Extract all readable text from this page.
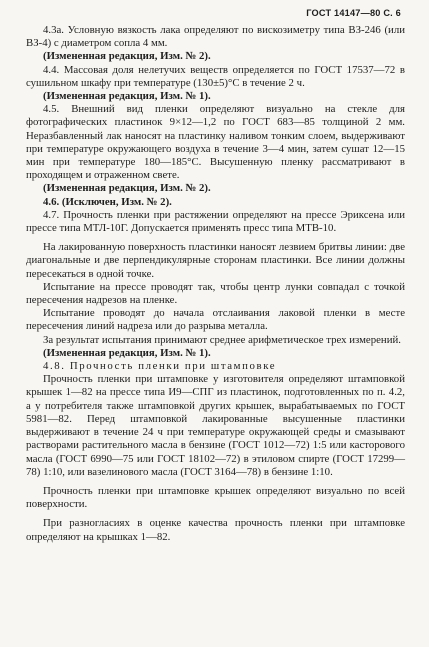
ГОСТ 14147—80 С. 6

4.3а. Условную вязкость лака определяют по вискозиметру типа ВЗ-246 (или ВЗ-4) с диаметром сопла 4 мм.

(Измененная редакция, Изм. № 2).

4.4. Массовая доля нелетучих веществ определяется по ГОСТ 17537—72 в сушильном шкафу при температуре (130±5)°С в течение 2 ч.

(Измененная редакция, Изм. № 1).

4.5. Внешний вид пленки определяют визуально на стекле для фотографических пластинок 9×12—1,2 по ГОСТ 683—85 толщиной 2 мм. Неразбавленный лак наносят на пластинку наливом тонким слоем, выдерживают при температуре окружающего воздуха в течение 3—4 мин, затем сушат 12—15 мин при температуре 180—185°С. Высушенную пленку рассматривают в проходящем и отраженном свете.

(Измененная редакция, Изм. № 2).

4.6. (Исключен, Изм. № 2).

4.7. Прочность пленки при растяжении определяют на прессе Эриксена или прессе типа МТЛ-10Г. Допускается применять пресс типа МТВ-10.

На лакированную поверхность пластинки наносят лезвием бритвы линии: две диагональные и две перпендикулярные сторонам пластинки. Все линии должны пересекаться в одной точке.

Испытание на прессе проводят так, чтобы центр лунки совпадал с точкой пересечения надрезов на пленке.

Испытание проводят до начала отслаивания лаковой пленки в месте пересечения линий надреза или до разрыва металла.

За результат испытания принимают среднее арифметическое трех измерений.

(Измененная редакция, Изм. № 1).

4.8. Прочность пленки при штамповке

Прочность пленки при штамповке у изготовителя определяют штамповкой крышек 1—82 на прессе типа И9—СПГ из пластинок, подготовленных по п. 4.2, а у потребителя также штамповкой других крышек, вырабатываемых по ГОСТ 5981—82. Перед штамповкой лакированные высушенные пластинки выдерживают в течение 24 ч при температуре окружающей среды и смазывают растворами растительного масла в бензине (ГОСТ 1012—72) 1:5 или касторового масла (ГОСТ 6990—75 или ГОСТ 18102—72) в этиловом спирте (ГОСТ 17299—78) 1:10, или вазелинового масла (ГОСТ 3164—78) в бензине 1:10.

Прочность пленки при штамповке крышек определяют визуально по всей поверхности.

При разногласиях в оценке качества прочность пленки при штамповке определяют на крышках 1—82.
